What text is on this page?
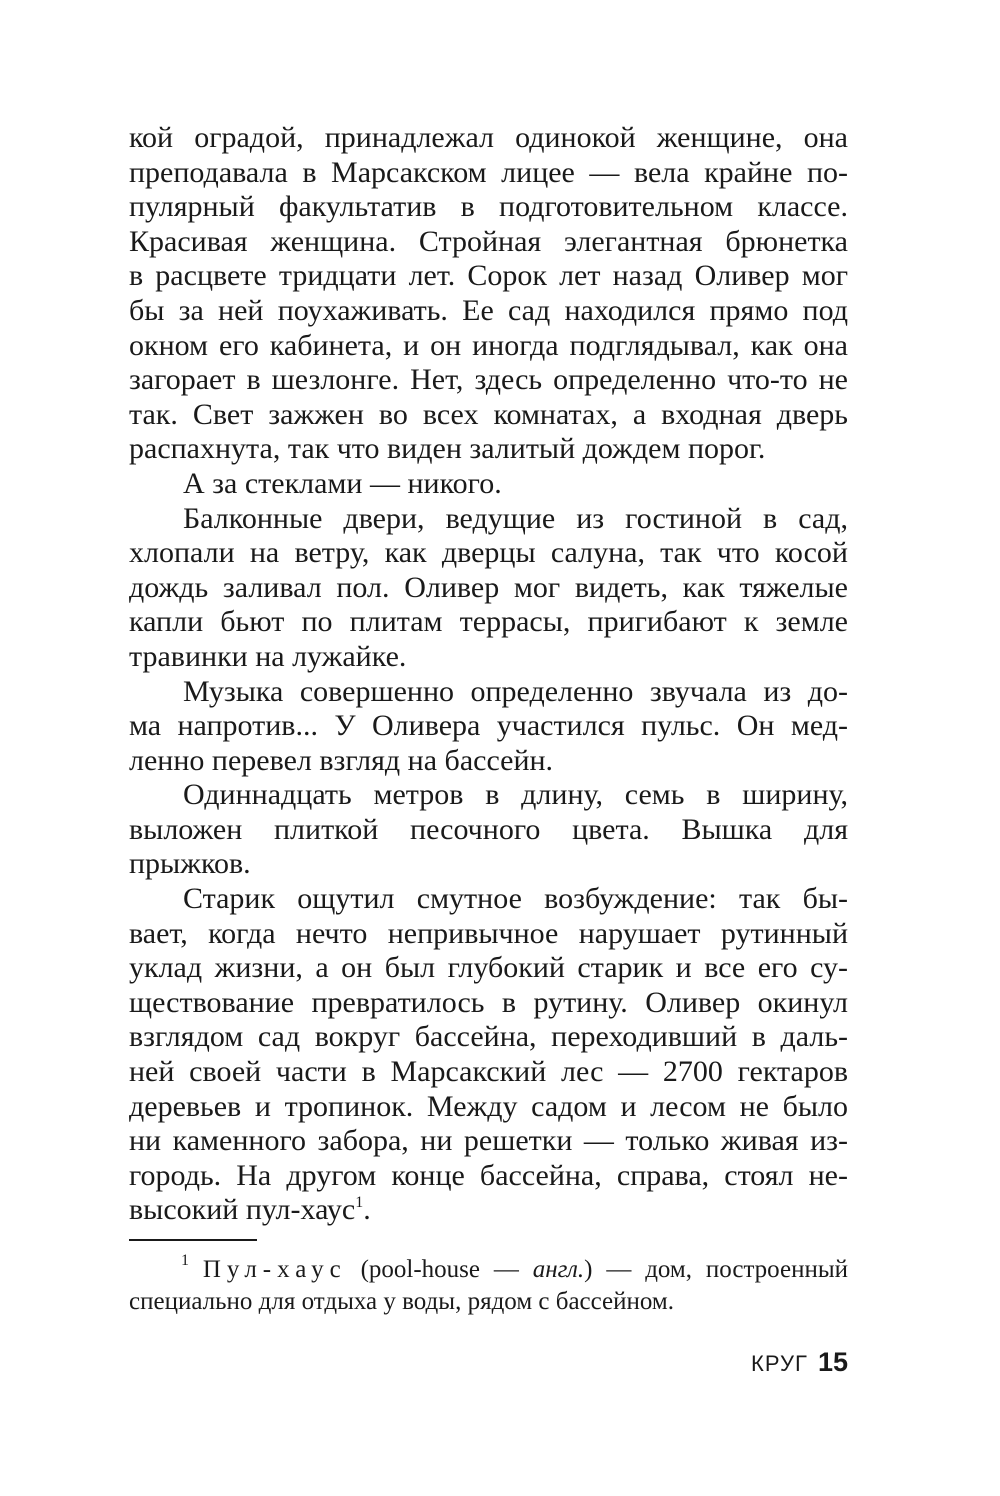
кой оградой, принадлежал одинокой женщине, она
преподавала в Марсакском лицее — вела крайне по-
пулярный факультатив в подготовительном классе.
Красивая женщина. Стройная элегантная брюнетка
в расцвете тридцати лет. Сорок лет назад Оливер мог
бы за ней поухаживать. Ее сад находился прямо под
окном его кабинета, и он иногда подглядывал, как она
загорает в шезлонге. Нет, здесь определенно что-то не
так. Свет зажжен во всех комнатах, а входная дверь
распахнута, так что виден залитый дождем порог.
А за стеклами — никого.
Балконные двери, ведущие из гостиной в сад,
хлопали на ветру, как дверцы салуна, так что косой
дождь заливал пол. Оливер мог видеть, как тяжелые
капли бьют по плитам террасы, пригибают к земле
травинки на лужайке.
Музыка совершенно определенно звучала из до-
ма напротив... У Оливера участился пульс. Он мед-
ленно перевел взгляд на бассейн.
Одиннадцать метров в длину, семь в ширину,
выложен плиткой песочного цвета. Вышка для
прыжков.
Старик ощутил смутное возбуждение: так бы-
вает, когда нечто непривычное нарушает рутинный
уклад жизни, а он был глубокий старик и все его су-
ществование превратилось в рутину. Оливер окинул
взглядом сад вокруг бассейна, переходивший в даль-
ней своей части в Марсакский лес — 2700 гектаров
деревьев и тропинок. Между садом и лесом не было
ни каменного забора, ни решетки — только живая из-
городь. На другом конце бассейна, справа, стоял не-
высокий пул-хаус$^1$.
$^1$ Пул-хаус (pool-house — англ.) — дом, построенный
специально для отдыха у воды, рядом с бассейном.
КРУГ 15
